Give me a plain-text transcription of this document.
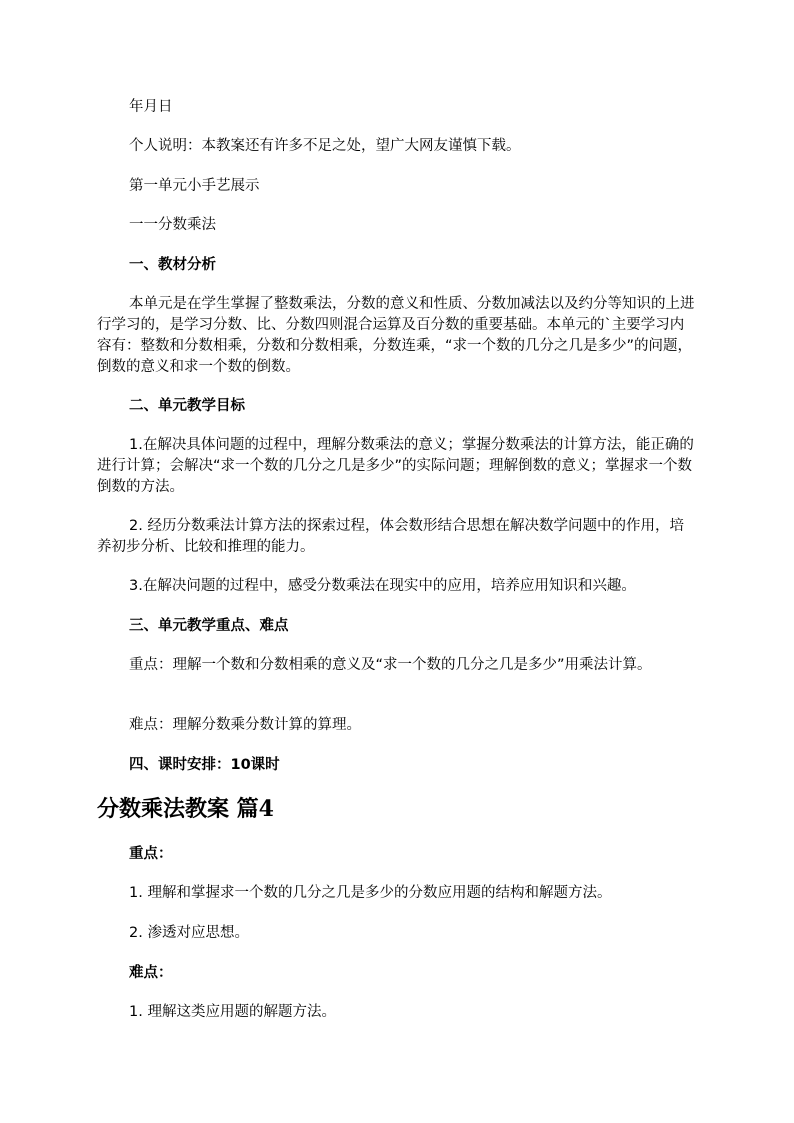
年月日

个人说明：本教案还有许多不足之处，望广大网友谨慎下载。

第一单元小手艺展示

一一分数乘法

一、教材分析

本单元是在学生掌握了整数乘法，分数的意义和性质、分数加减法以及约分等知识的上进行学习的，是学习分数、比、分数四则混合运算及百分数的重要基础。本单元的`主要学习内容有：整数和分数相乘，分数和分数相乘，分数连乘，“求一个数的几分之几是多少”的问题，倒数的意义和求一个数的倒数。

二、单元教学目标

1.在解决具体问题的过程中，理解分数乘法的意义；掌握分数乘法的计算方法，能正确的进行计算；会解决“求一个数的几分之几是多少”的实际问题；理解倒数的意义；掌握求一个数倒数的方法。

2. 经历分数乘法计算方法的探索过程，体会数形结合思想在解决数学问题中的作用，培养初步分析、比较和推理的能力。

3.在解决问题的过程中，感受分数乘法在现实中的应用，培养应用知识和兴趣。

三、单元教学重点、难点

重点：理解一个数和分数相乘的意义及“求一个数的几分之几是多少”用乘法计算。

难点：理解分数乘分数计算的算理。

四、课时安排：10课时

分数乘法教案 篇4

重点：

1. 理解和掌握求一个数的几分之几是多少的分数应用题的结构和解题方法。

2. 渗透对应思想。

难点：

1. 理解这类应用题的解题方法。
